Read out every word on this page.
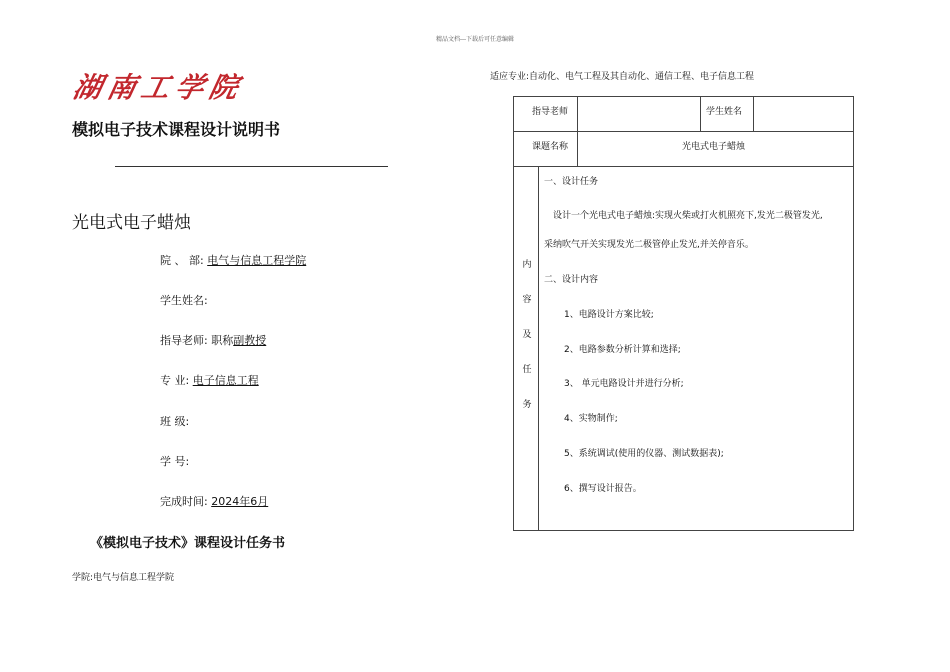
精品文档---下载后可任意编辑
湖南工学院
模拟电子技术课程设计说明书
光电式电子蜡烛
院 、 部: 电气与信息工程学院
学生姓名:
指导老师: 职称副教授
专 业: 电子信息工程
班 级:
学 号:
完成时间: 2024年6月
《模拟电子技术》课程设计任务书
学院:电气与信息工程学院
适应专业:自动化、电气工程及其自动化、通信工程、电子信息工程
指导老师	学生姓名
课题名称	光电式电子蜡烛
内
容
及
任
务
一、设计任务
设计一个光电式电子蜡烛:实现火柴或打火机照亮下,发光二极管发光,
采纳吹气开关实现发光二极管停止发光,并关停音乐。
二、设计内容
1、电路设计方案比较;
2、电路参数分析计算和选择;
3、 单元电路设计并进行分析;
4、实物制作;
5、系统调试(使用的仪器、测试数据表);
6、撰写设计报告。
